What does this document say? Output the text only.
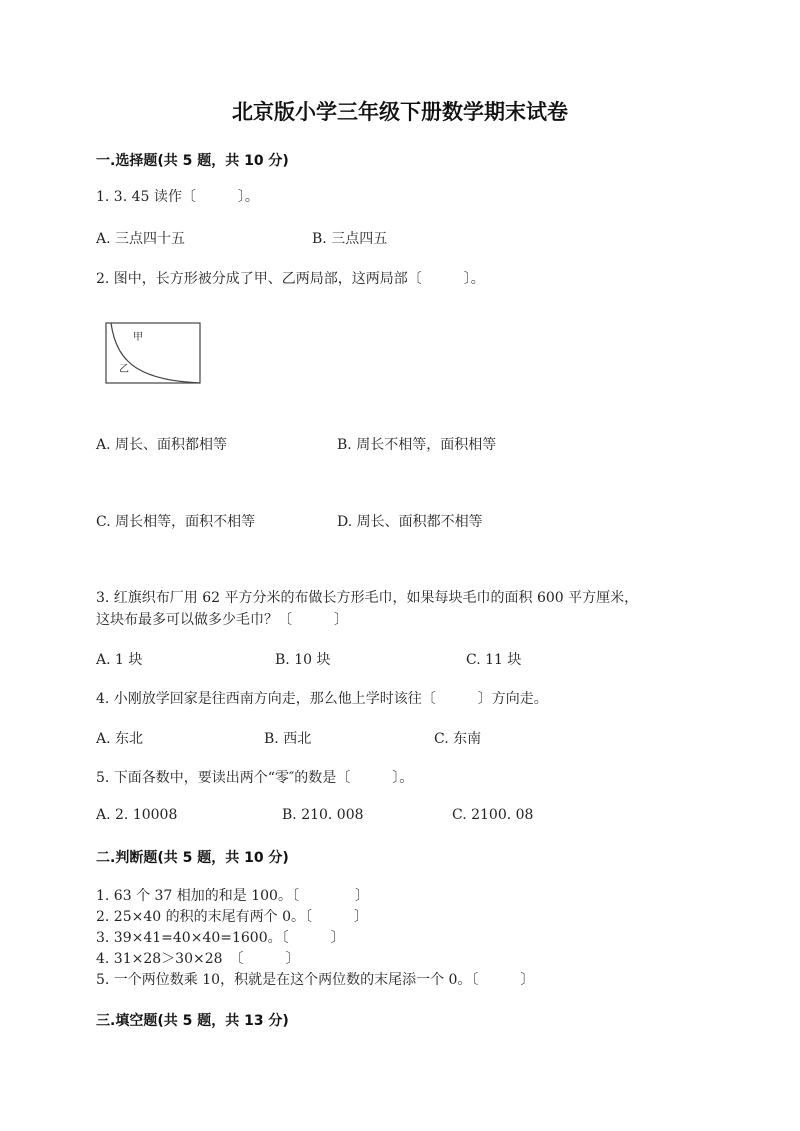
北京版小学三年级下册数学期末试卷
一.选择题(共 5 题，共 10 分)
1. 3. 45 读作〔　　　〕。
A. 三点四十五	B. 三点四五
2. 图中，长方形被分成了甲、乙两局部，这两局部〔　　　〕。
甲
乙
A. 周长、面积都相等	B. 周长不相等，面积相等
C. 周长相等，面积不相等	D. 周长、面积都不相等
3. 红旗织布厂用 62 平方分米的布做长方形毛巾，如果每块毛巾的面积 600 平方厘米，
这块布最多可以做多少毛巾？〔　　　〕
A. 1 块	B. 10 块	C. 11 块
4. 小刚放学回家是往西南方向走，那么他上学时该往〔　　　〕方向走。
A. 东北	B. 西北	C. 东南
5. 下面各数中，要读出两个“零″的数是〔　　　〕。
A. 2. 10008	B. 210. 008	C. 2100. 08
二.判断题(共 5 题，共 10 分)
1. 63 个 37 相加的和是 100。〔　　　　〕
2. 25×40 的积的末尾有两个 0。〔　　　〕
3. 39×41=40×40=1600。〔　　　〕
4. 31×28＞30×28　〔　　　〕
5. 一个两位数乘 10，积就是在这个两位数的末尾添一个 0。〔　　　〕
三.填空题(共 5 题，共 13 分)
